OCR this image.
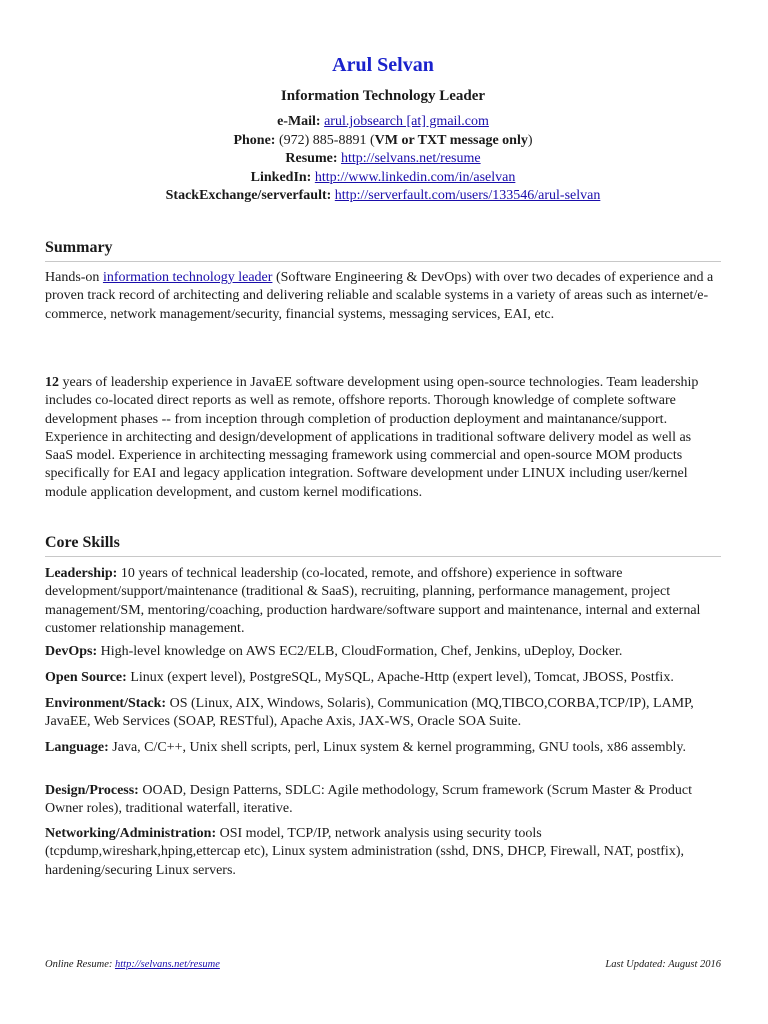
Arul Selvan
Information Technology Leader
e-Mail: arul.jobsearch [at] gmail.com
Phone: (972) 885-8891 (VM or TXT message only)
Resume: http://selvans.net/resume
LinkedIn: http://www.linkedin.com/in/aselvan
StackExchange/serverfault: http://serverfault.com/users/133546/arul-selvan
Summary
Hands-on information technology leader (Software Engineering & DevOps) with over two decades of experience and a proven track record of architecting and delivering reliable and scalable systems in a variety of areas such as internet/e-commerce, network management/security, financial systems, messaging services, EAI, etc.
12 years of leadership experience in JavaEE software development using open-source technologies. Team leadership includes co-located direct reports as well as remote, offshore reports. Thorough knowledge of complete software development phases -- from inception through completion of production deployment and maintanance/support. Experience in architecting and design/development of applications in traditional software delivery model as well as SaaS model. Experience in architecting messaging framework using commercial and open-source MOM products specifically for EAI and legacy application integration. Software development under LINUX including user/kernel module application development, and custom kernel modifications.
Core Skills
Leadership: 10 years of technical leadership (co-located, remote, and offshore) experience in software development/support/maintenance (traditional & SaaS), recruiting, planning, performance management, project management/SM, mentoring/coaching, production hardware/software support and maintenance, internal and external customer relationship management.
DevOps: High-level knowledge on AWS EC2/ELB, CloudFormation, Chef, Jenkins, uDeploy, Docker.
Open Source: Linux (expert level), PostgreSQL, MySQL, Apache-Http (expert level), Tomcat, JBOSS, Postfix.
Environment/Stack: OS (Linux, AIX, Windows, Solaris), Communication (MQ,TIBCO,CORBA,TCP/IP), LAMP, JavaEE, Web Services (SOAP, RESTful), Apache Axis, JAX-WS, Oracle SOA Suite.
Language: Java, C/C++, Unix shell scripts, perl, Linux system & kernel programming, GNU tools, x86 assembly.
Design/Process: OOAD, Design Patterns, SDLC: Agile methodology, Scrum framework (Scrum Master & Product Owner roles), traditional waterfall, iterative.
Networking/Administration: OSI model, TCP/IP, network analysis using security tools (tcpdump,wireshark,hping,ettercap etc), Linux system administration (sshd, DNS, DHCP, Firewall, NAT, postfix), hardening/securing Linux servers.
Online Resume: http://selvans.net/resume	Last Updated: August 2016
